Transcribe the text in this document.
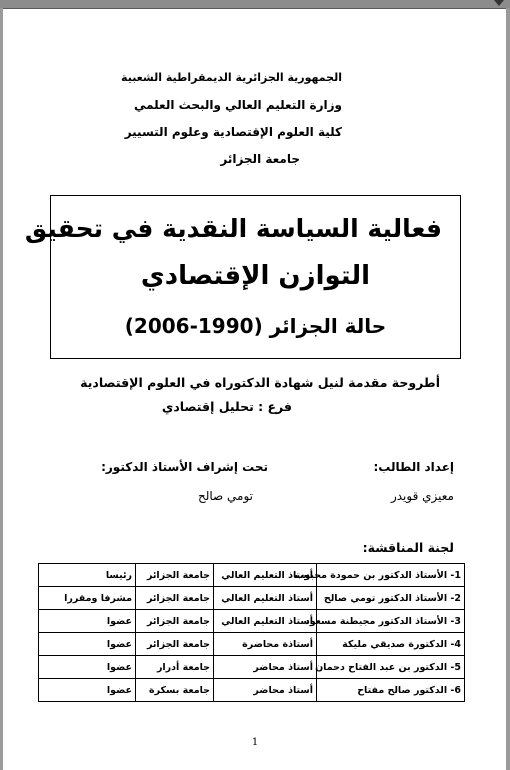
الجمهورية الجزائرية الديمقراطية الشعبية
وزارة التعليم العالي والبحث العلمي
كلية العلوم الإقتصادية وعلوم التسيير
جامعة الجزائر
فعالية السياسة النقدية في تحقيق
التوازن الإقتصادي
حالة الجزائر (1990-2006)
أطروحة مقدمة لنيل شهادة الدكتوراه في العلوم الإقتصادية
فرع : تحليل إقتصادي
إعداد الطالب:
تحت إشراف الأستاذ الدكتور:
معيزي قويدر
تومي صالح
لجنة المناقشة:
1- الأستاذ الدكتور بن حمودة محبوب	أستاذ التعليم العالي	جامعة الجزائر	رئيسا
2- الأستاذ الدكتور تومي صالح	أستاذ التعليم العالي	جامعة الجزائر	مشرفا ومقررا
3- الأستاذ الدكتور مجيطنة مسعود	أستاذ التعليم العالي	جامعة الجزائر	عضوا
4- الدكتورة صديقي مليكة	أستاذة محاضرة	جامعة الجزائر	عضوا
5- الدكتور بن عبد الفتاح دحمان	أستاذ محاضر	جامعة أدرار	عضوا
6- الدكتور صالح مفتاح	أستاذ محاضر	جامعة بسكرة	عضوا
1
